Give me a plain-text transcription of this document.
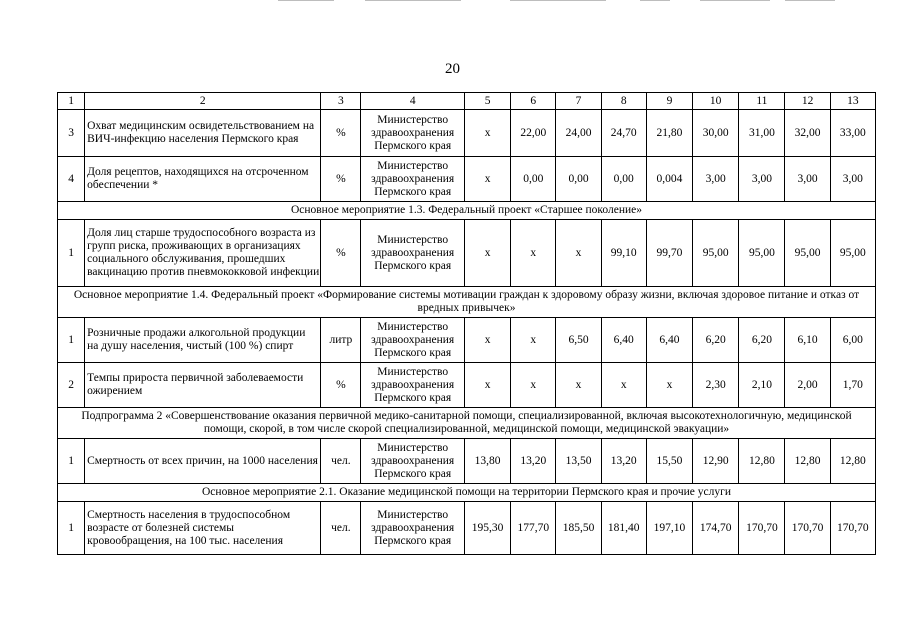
20
1	2	3	4	5	6	7	8	9	10	11	12	13
3	Охват медицинским освидетельствованием на ВИЧ-инфекцию населения Пермского края	%	Министерство здравоохранения Пермского края	x	22,00	24,00	24,70	21,80	30,00	31,00	32,00	33,00
4	Доля рецептов, находящихся на отсроченном обеспечении *	%	Министерство здравоохранения Пермского края	x	0,00	0,00	0,00	0,004	3,00	3,00	3,00	3,00
Основное мероприятие 1.3. Федеральный проект «Старшее поколение»												
1	Доля лиц старше трудоспособного возраста из групп риска, проживающих в организациях социального обслуживания, прошедших вакцинацию против пневмококковой инфекции	%	Министерство здравоохранения Пермского края	x	x	x	99,10	99,70	95,00	95,00	95,00	95,00
Основное мероприятие 1.4. Федеральный проект «Формирование системы мотивации граждан к здоровому образу жизни, включая здоровое питание и отказ от вредных привычек»												
1	Розничные продажи алкогольной продукции на душу населения, чистый (100 %) спирт	литр	Министерство здравоохранения Пермского края	x	x	6,50	6,40	6,40	6,20	6,20	6,10	6,00
2	Темпы прироста первичной заболеваемости ожирением	%	Министерство здравоохранения Пермского края	x	x	x	x	x	2,30	2,10	2,00	1,70
Подпрограмма 2 «Совершенствование оказания первичной медико-санитарной помощи, специализированной, включая высокотехнологичную, медицинской помощи, скорой, в том числе скорой специализированной, медицинской помощи, медицинской эвакуации»												
1	Смертность от всех причин, на 1000 населения	чел.	Министерство здравоохранения Пермского края	13,80	13,20	13,50	13,20	15,50	12,90	12,80	12,80	12,80
Основное мероприятие 2.1. Оказание медицинской помощи на территории Пермского края и прочие услуги												
1	Смертность населения в трудоспособном возрасте от болезней системы кровообращения, на 100 тыс. населения	чел.	Министерство здравоохранения Пермского края	195,30	177,70	185,50	181,40	197,10	174,70	170,70	170,70	170,70
